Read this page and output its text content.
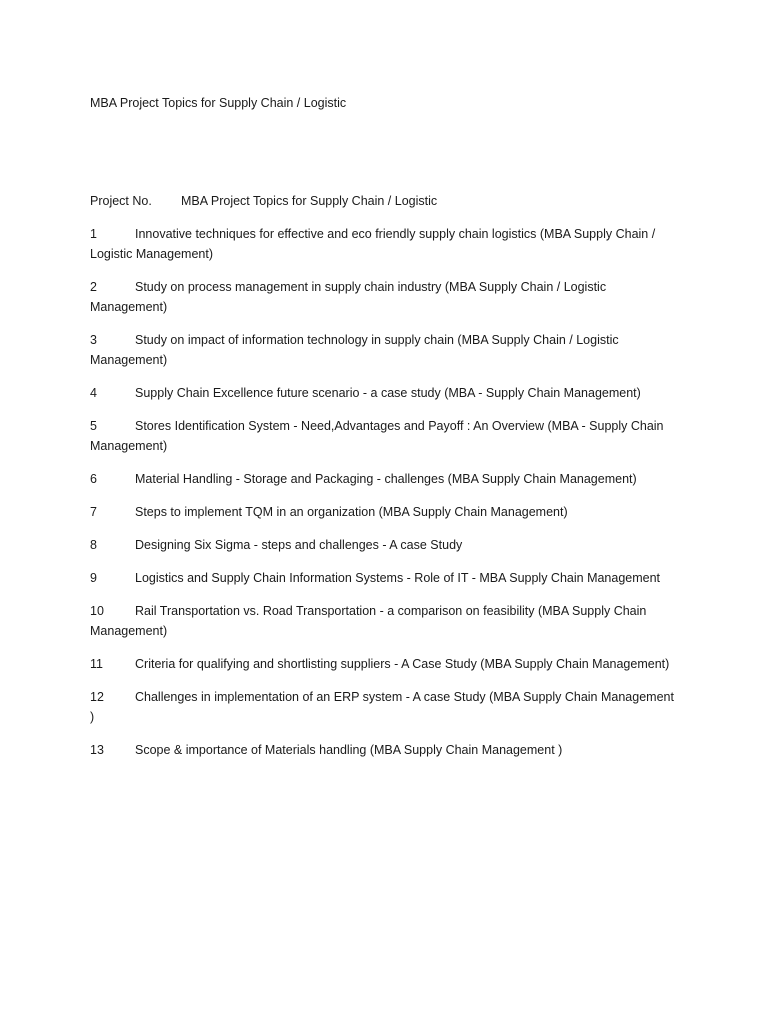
MBA Project Topics for Supply Chain / Logistic
Project No. MBA Project Topics for Supply Chain / Logistic
1	Innovative techniques for effective and eco friendly supply chain logistics (MBA Supply Chain / Logistic Management)
2	Study on process management in supply chain industry (MBA Supply Chain / Logistic Management)
3	Study on impact of information technology in supply chain (MBA Supply Chain / Logistic Management)
4	Supply Chain Excellence future scenario - a case study (MBA - Supply Chain Management)
5	Stores Identification System - Need,Advantages and Payoff : An Overview (MBA - Supply Chain Management)
6	Material Handling - Storage and Packaging - challenges (MBA Supply Chain Management)
7	Steps to implement TQM in an organization (MBA Supply Chain Management)
8	Designing Six Sigma - steps and challenges - A case Study
9	Logistics and Supply Chain Information Systems - Role of IT - MBA Supply Chain Management
10 Rail Transportation vs. Road Transportation - a comparison on feasibility (MBA Supply Chain Management)
11	Criteria for qualifying and shortlisting suppliers - A Case Study (MBA Supply Chain Management)
12 Challenges in implementation of an ERP system - A case Study (MBA Supply Chain Management )
13 Scope & importance of Materials handling (MBA Supply Chain Management )
